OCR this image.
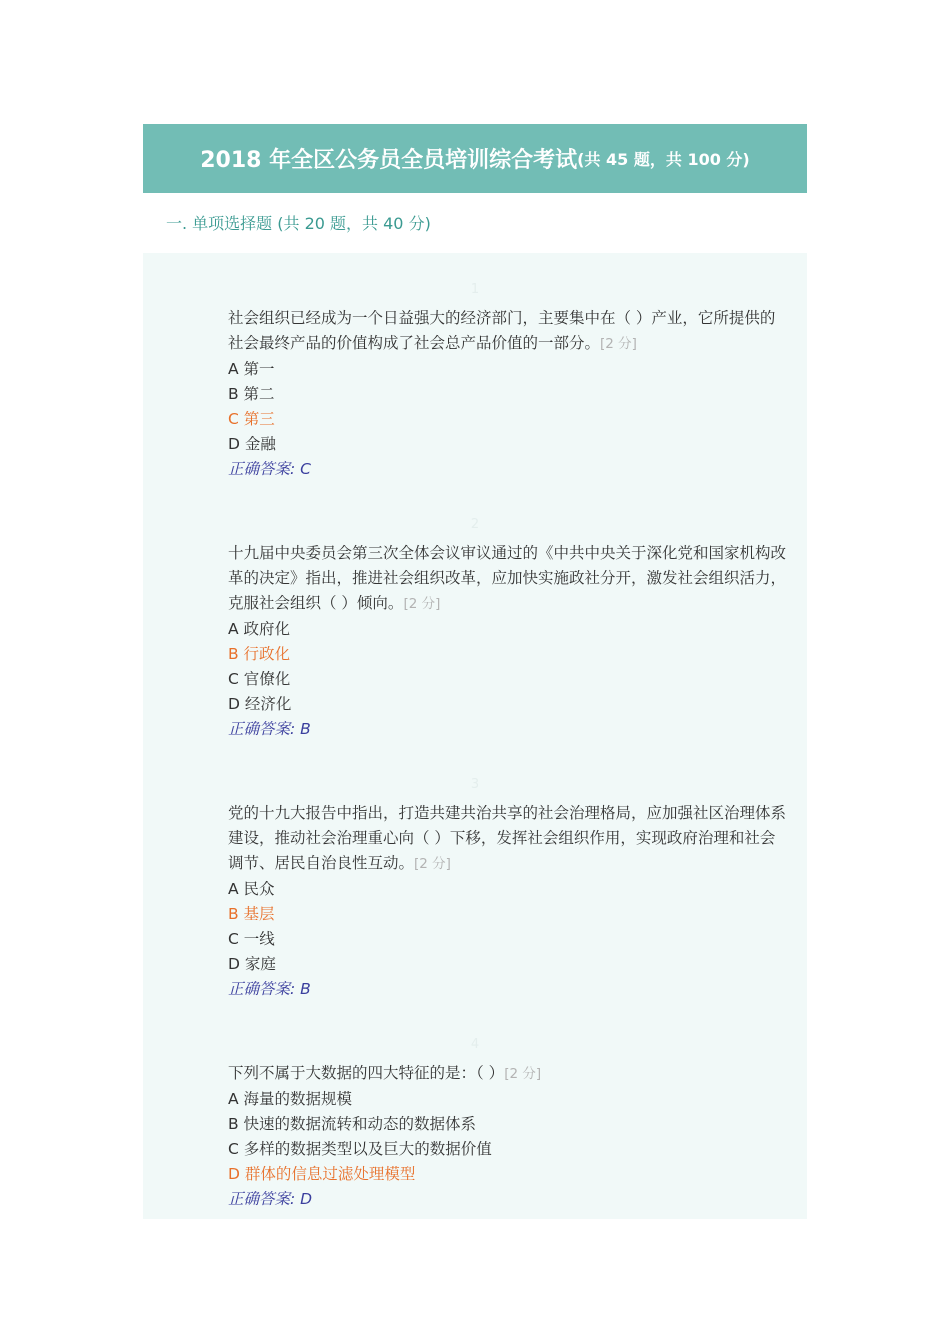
2018 年全区公务员全员培训综合考试 (共 45 题，共 100 分)
一. 单项选择题 (共 20 题，共 40 分)
1
社会组织已经成为一个日益强大的经济部门，主要集中在（ ）产业，它所提供的社会最终产品的价值构成了社会总产品价值的一部分。[2 分]
A 第一
B 第二
C 第三
D 金融
正确答案: C
2
十九届中央委员会第三次全体会议审议通过的《中共中央关于深化党和国家机构改革的决定》指出，推进社会组织改革，应加快实施政社分开，激发社会组织活力，克服社会组织（ ）倾向。[2 分]
A 政府化
B 行政化
C 官僚化
D 经济化
正确答案: B
3
党的十九大报告中指出，打造共建共治共享的社会治理格局，应加强社区治理体系建设，推动社会治理重心向（ ）下移，发挥社会组织作用，实现政府治理和社会调节、居民自治良性互动。[2 分]
A 民众
B 基层
C 一线
D 家庭
正确答案: B
4
下列不属于大数据的四大特征的是：（ ）[2 分]
A 海量的数据规模
B 快速的数据流转和动态的数据体系
C 多样的数据类型以及巨大的数据价值
D 群体的信息过滤处理模型
正确答案: D
